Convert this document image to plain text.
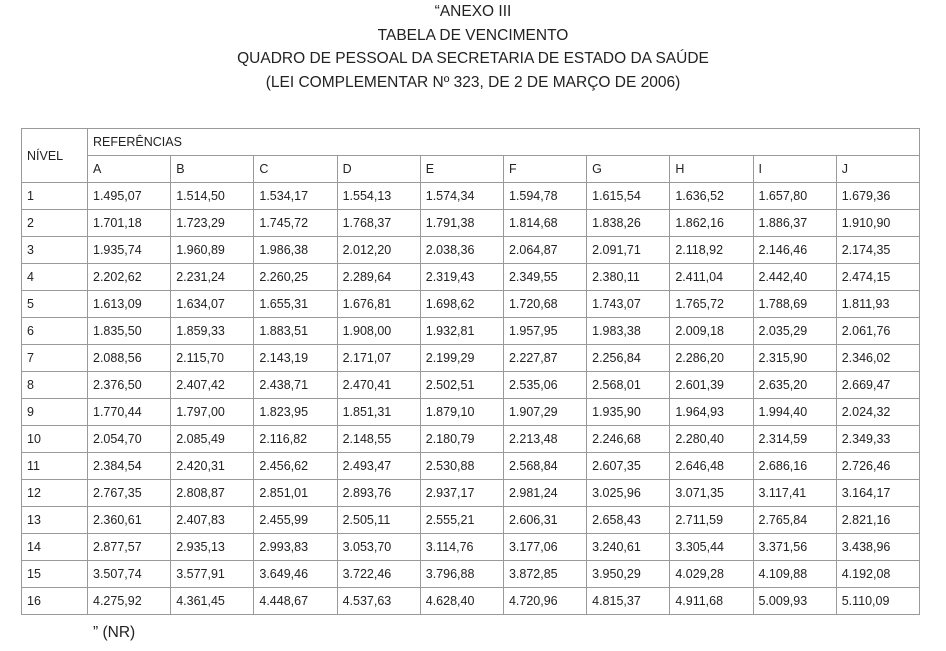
“ANEXO III
TABELA DE VENCIMENTO
QUADRO DE PESSOAL DA SECRETARIA DE ESTADO DA SAÚDE
(LEI COMPLEMENTAR Nº 323, DE 2 DE MARÇO DE 2006)
NÍVEL	REFERÊNCIAS									
	A	B	C	D	E	F	G	H	I	J
1	1.495,07	1.514,50	1.534,17	1.554,13	1.574,34	1.594,78	1.615,54	1.636,52	1.657,80	1.679,36
2	1.701,18	1.723,29	1.745,72	1.768,37	1.791,38	1.814,68	1.838,26	1.862,16	1.886,37	1.910,90
3	1.935,74	1.960,89	1.986,38	2.012,20	2.038,36	2.064,87	2.091,71	2.118,92	2.146,46	2.174,35
4	2.202,62	2.231,24	2.260,25	2.289,64	2.319,43	2.349,55	2.380,11	2.411,04	2.442,40	2.474,15
5	1.613,09	1.634,07	1.655,31	1.676,81	1.698,62	1.720,68	1.743,07	1.765,72	1.788,69	1.811,93
6	1.835,50	1.859,33	1.883,51	1.908,00	1.932,81	1.957,95	1.983,38	2.009,18	2.035,29	2.061,76
7	2.088,56	2.115,70	2.143,19	2.171,07	2.199,29	2.227,87	2.256,84	2.286,20	2.315,90	2.346,02
8	2.376,50	2.407,42	2.438,71	2.470,41	2.502,51	2.535,06	2.568,01	2.601,39	2.635,20	2.669,47
9	1.770,44	1.797,00	1.823,95	1.851,31	1.879,10	1.907,29	1.935,90	1.964,93	1.994,40	2.024,32
10	2.054,70	2.085,49	2.116,82	2.148,55	2.180,79	2.213,48	2.246,68	2.280,40	2.314,59	2.349,33
11	2.384,54	2.420,31	2.456,62	2.493,47	2.530,88	2.568,84	2.607,35	2.646,48	2.686,16	2.726,46
12	2.767,35	2.808,87	2.851,01	2.893,76	2.937,17	2.981,24	3.025,96	3.071,35	3.117,41	3.164,17
13	2.360,61	2.407,83	2.455,99	2.505,11	2.555,21	2.606,31	2.658,43	2.711,59	2.765,84	2.821,16
14	2.877,57	2.935,13	2.993,83	3.053,70	3.114,76	3.177,06	3.240,61	3.305,44	3.371,56	3.438,96
15	3.507,74	3.577,91	3.649,46	3.722,46	3.796,88	3.872,85	3.950,29	4.029,28	4.109,88	4.192,08
16	4.275,92	4.361,45	4.448,67	4.537,63	4.628,40	4.720,96	4.815,37	4.911,68	5.009,93	5.110,09
” (NR)
